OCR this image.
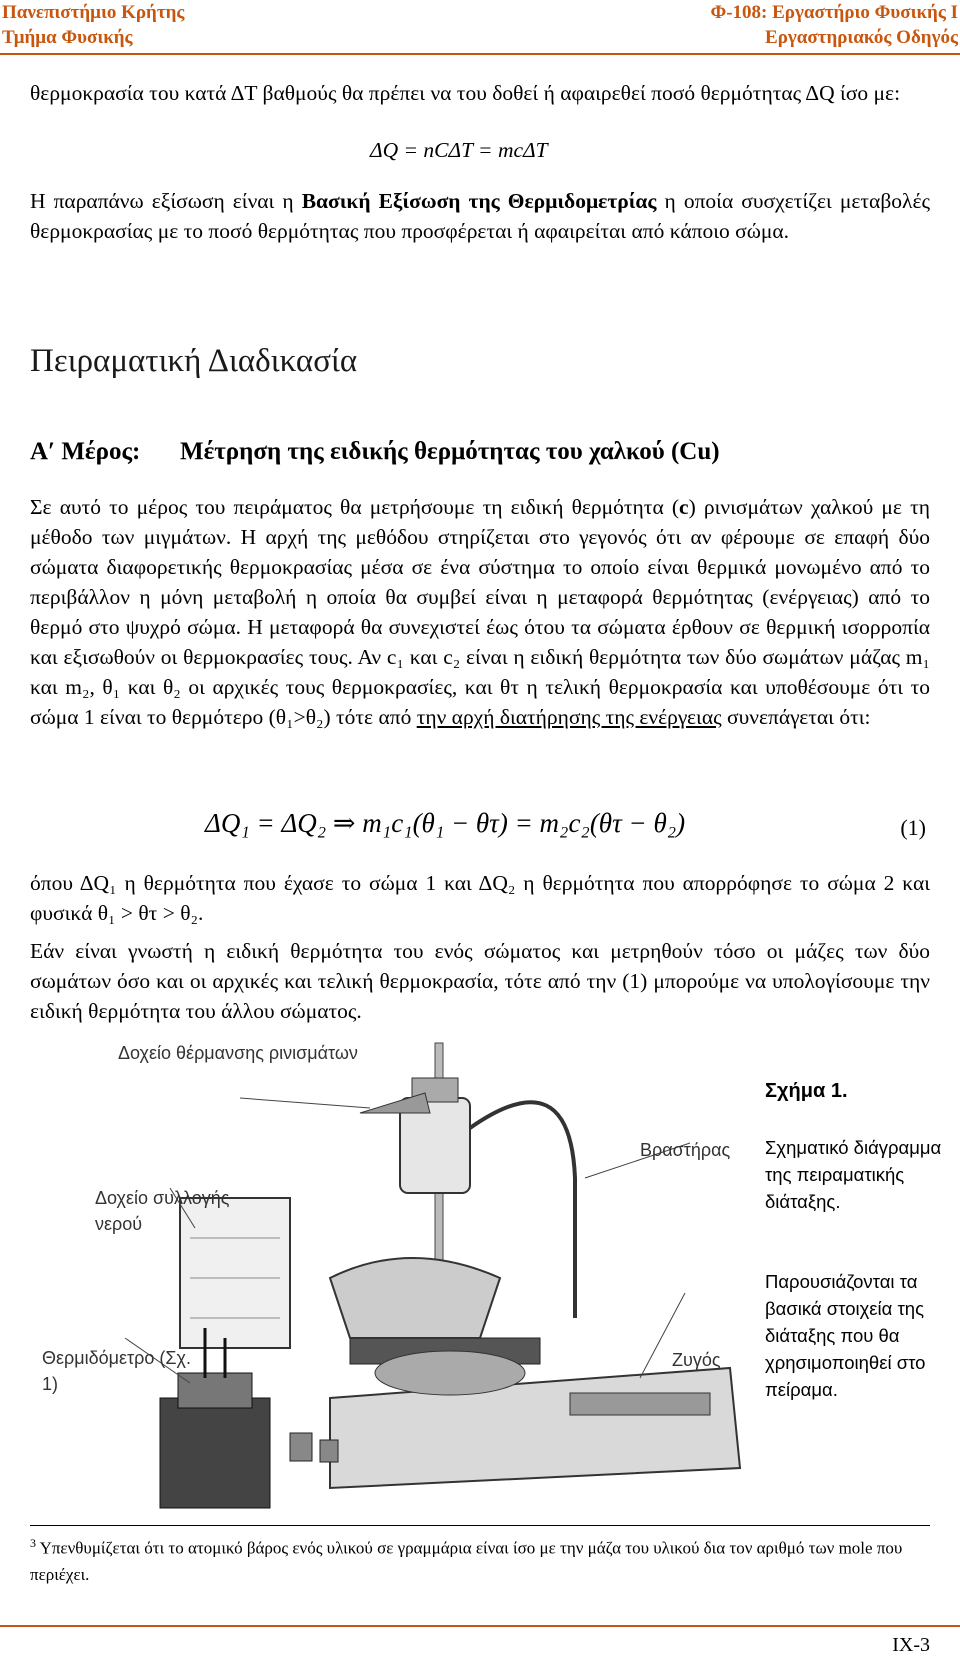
Πανεπιστήμιο Κρήτης
Τμήμα Φυσικής
Φ-108: Εργαστήριο Φυσικής Ι
Εργαστηριακός Οδηγός
θερμοκρασία του κατά ΔT βαθμούς θα πρέπει να του δοθεί ή αφαιρεθεί ποσό θερμότητας ΔQ ίσο με:
ΔQ = nCΔT = mcΔT
Η παραπάνω εξίσωση είναι η Βασική Εξίσωση της Θερμιδομετρίας η οποία συσχετίζει μεταβολές θερμοκρασίας με το ποσό θερμότητας που προσφέρεται ή αφαιρείται από κάποιο σώμα.
Πειραματική Διαδικασία
Α′ Μέρος: Μέτρηση της ειδικής θερμότητας του χαλκού (Cu)
Σε αυτό το μέρος του πειράματος θα μετρήσουμε τη ειδική θερμότητα (c) ρινισμάτων χαλκού με τη μέθοδο των μιγμάτων. Η αρχή της μεθόδου στηρίζεται στο γεγονός ότι αν φέρουμε σε επαφή δύο σώματα διαφορετικής θερμοκρασίας μέσα σε ένα σύστημα το οποίο είναι θερμικά μονωμένο από το περιβάλλον η μόνη μεταβολή η οποία θα συμβεί είναι η μεταφορά θερμότητας (ενέργειας) από το θερμό στο ψυχρό σώμα. Η μεταφορά θα συνεχιστεί έως ότου τα σώματα έρθουν σε θερμική ισορροπία και εξισωθούν οι θερμοκρασίες τους. Αν c₁ και c₂ είναι η ειδική θερμότητα των δύο σωμάτων μάζας m₁ και m₂, θ₁ και θ₂ οι αρχικές τους θερμοκρασίες, και θτ η τελική θερμοκρασία και υποθέσουμε ότι το σώμα 1 είναι το θερμότερο (θ₁>θ₂) τότε από την αρχή διατήρησης της ενέργειας συνεπάγεται ότι:
ΔQ₁ = ΔQ₂ ⇒ m₁c₁(θ₁ − θτ) = m₂c₂(θτ − θ₂)	(1)
όπου ΔQ₁ η θερμότητα που έχασε το σώμα 1 και ΔQ₂ η θερμότητα που απορρόφησε το σώμα 2 και φυσικά θ₁ > θτ > θ₂.
Εάν είναι γνωστή η ειδική θερμότητα του ενός σώματος και μετρηθούν τόσο οι μάζες των δύο σωμάτων όσο και οι αρχικές και τελική θερμοκρασία, τότε από την (1) μπορούμε να υπολογίσουμε την ειδική θερμότητα του άλλου σώματος.
Δοχείο θέρμανσης ρινισμάτων
Δοχείο συλλογής νερού
Θερμιδόμετρο (Σχ. 1)
Βραστήρας
Ζυγός
Σχήμα 1.
Σχηματικό διάγραμμα της πειραματικής διάταξης.
Παρουσιάζονται τα βασικά στοιχεία της διάταξης που θα χρησιμοποιηθεί στο πείραμα.
$^3$ Υπενθυμίζεται ότι το ατομικό βάρος ενός υλικού σε γραμμάρια είναι ίσο με την μάζα του υλικού δια τον αριθμό των mole που περιέχει.
IX-3
